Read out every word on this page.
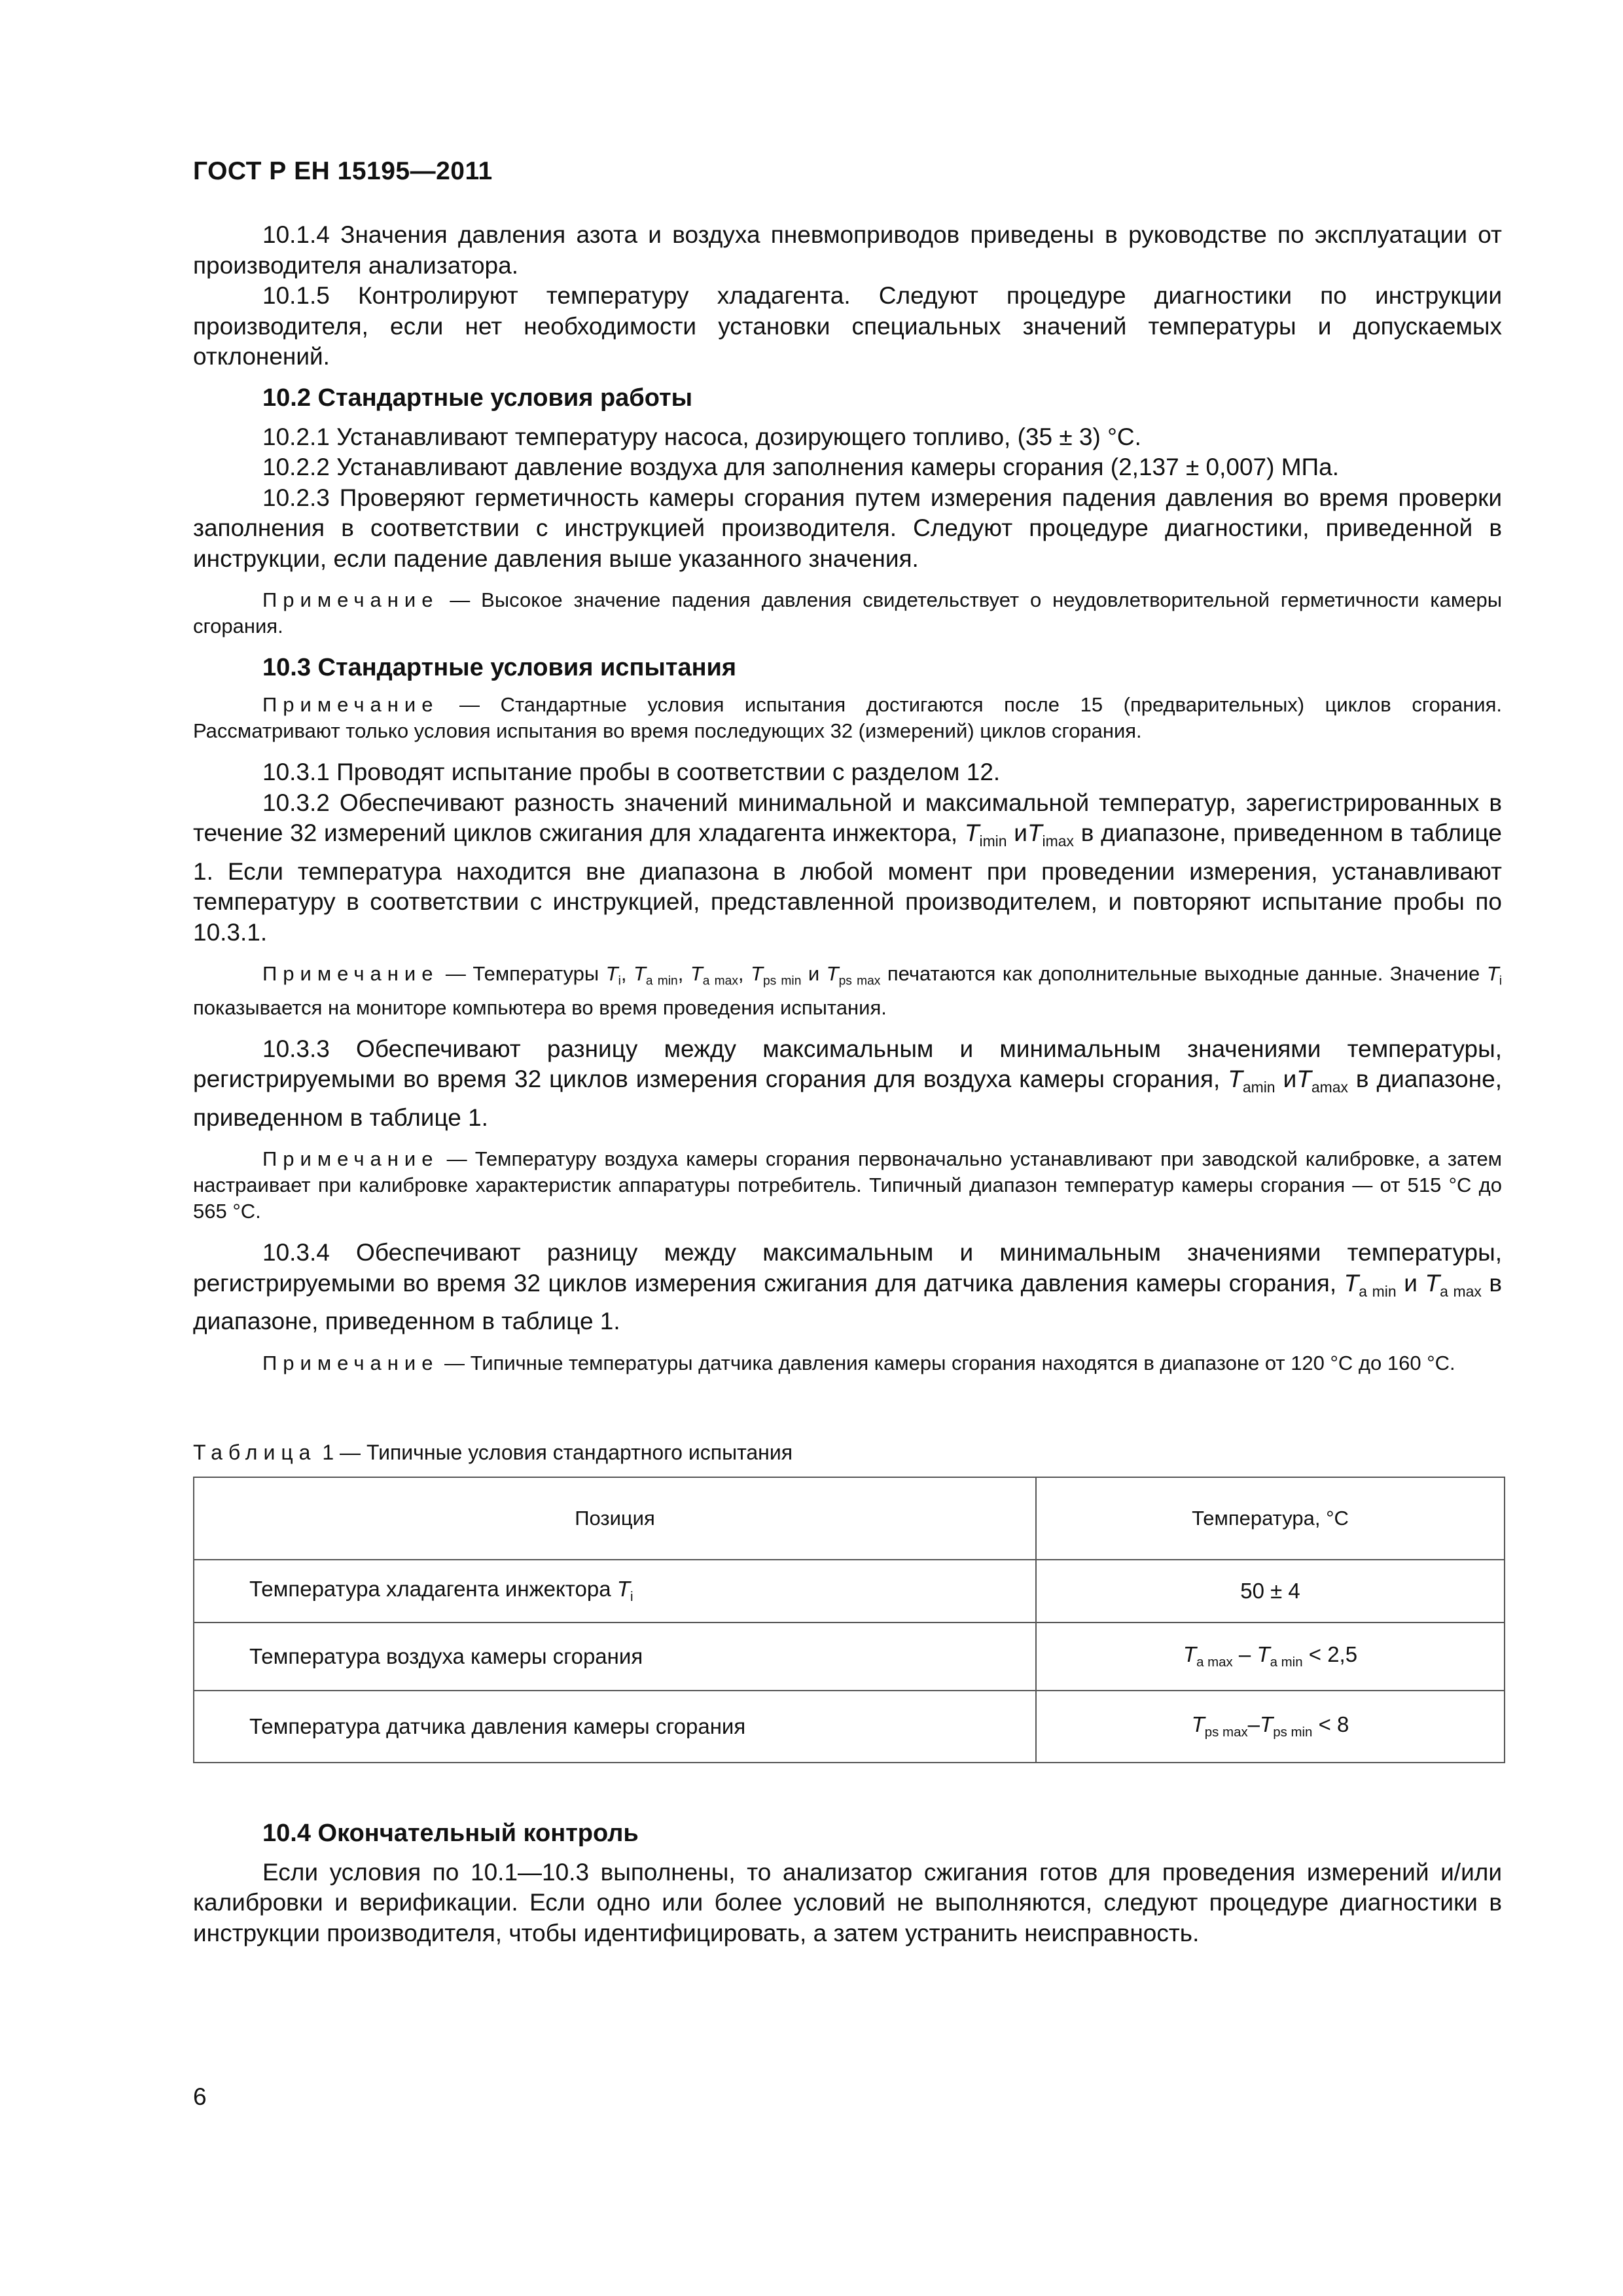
ГОСТ Р ЕН 15195—2011

10.1.4 Значения давления азота и воздуха пневмоприводов приведены в руководстве по эксплуатации от производителя анализатора.

10.1.5 Контролируют температуру хладагента. Следуют процедуре диагностики по инструкции производителя, если нет необходимости установки специальных значений температуры и допускаемых отклонений.

10.2 Стандартные условия работы

10.2.1 Устанавливают температуру насоса, дозирующего топливо, (35 ± 3) °С.

10.2.2 Устанавливают давление воздуха для заполнения камеры сгорания (2,137 ± 0,007) МПа.

10.2.3 Проверяют герметичность камеры сгорания путем измерения падения давления во время проверки заполнения в соответствии с инструкцией производителя. Следуют процедуре диагностики, приведенной в инструкции, если падение давления выше указанного значения.

Примечание — Высокое значение падения давления свидетельствует о неудовлетворительной герметичности камеры сгорания.
10.3 Стандартные условия испытания
Примечание — Стандартные условия испытания достигаются после 15 (предварительных) циклов сгорания. Рассматривают только условия испытания во время последующих 32 (измерений) циклов сгорания.

10.3.1 Проводят испытание пробы в соответствии с разделом 12.

10.3.2 Обеспечивают разность значений минимальной и максимальной температур, зарегистрированных в течение 32 измерений циклов сжигания для хладагента инжектора, $T_{imin}$ $иT_{imax}$ в диапазоне, приведенном в таблице 1. Если температура находится вне диапазона в любой момент при проведении измерения, устанавливают температуру в соответствии с инструкцией, представленной производителем, и повторяют испытание пробы по 10.3.1.

Примечание — Температуры $T_i$, $T_{a min}$, $T_{a max}$, $T_{ps min}$ и $T_{ps max}$ печатаются как дополнительные выходные данные. Значение $T_i$ показывается на мониторе компьютера во время проведения испытания.

10.3.3 Обеспечивают разницу между максимальным и минимальным значениями температуры, регистрируемыми во время 32 циклов измерения сгорания для воздуха камеры сгорания, $T_{amin}$ $иT_{amax}$ в диапазоне, приведенном в таблице 1.

Примечание — Температуру воздуха камеры сгорания первоначально устанавливают при заводской калибровке, а затем настраивает при калибровке характеристик аппаратуры потребитель. Типичный диапазон температур камеры сгорания — от 515 °С до 565 °С.

10.3.4 Обеспечивают разницу между максимальным и минимальным значениями температуры, регистрируемыми во время 32 циклов измерения сжигания для датчика давления камеры сгорания, $T_{a min}$ и $T_{a max}$ в диапазоне, приведенном в таблице 1.

Примечание — Типичные температуры датчика давления камеры сгорания находятся в диапазоне от 120 °С до 160 °С.
Таблица 1 — Типичные условия стандартного испытания
Позиция	Температура, °С
Температура хладагента инжектора $T_i$	50 ± 4
Температура воздуха камеры сгорания	$T_{a max} - T_{a min} < 2,5$
Температура датчика давления камеры сгорания	$T_{ps max}-T_{ps min} < 8$
10.4 Окончательный контроль

Если условия по 10.1—10.3 выполнены, то анализатор сжигания готов для проведения измерений и/или калибровки и верификации. Если одно или более условий не выполняются, следуют процедуре диагностики в инструкции производителя, чтобы идентифицировать, а затем устранить неисправность.

6
